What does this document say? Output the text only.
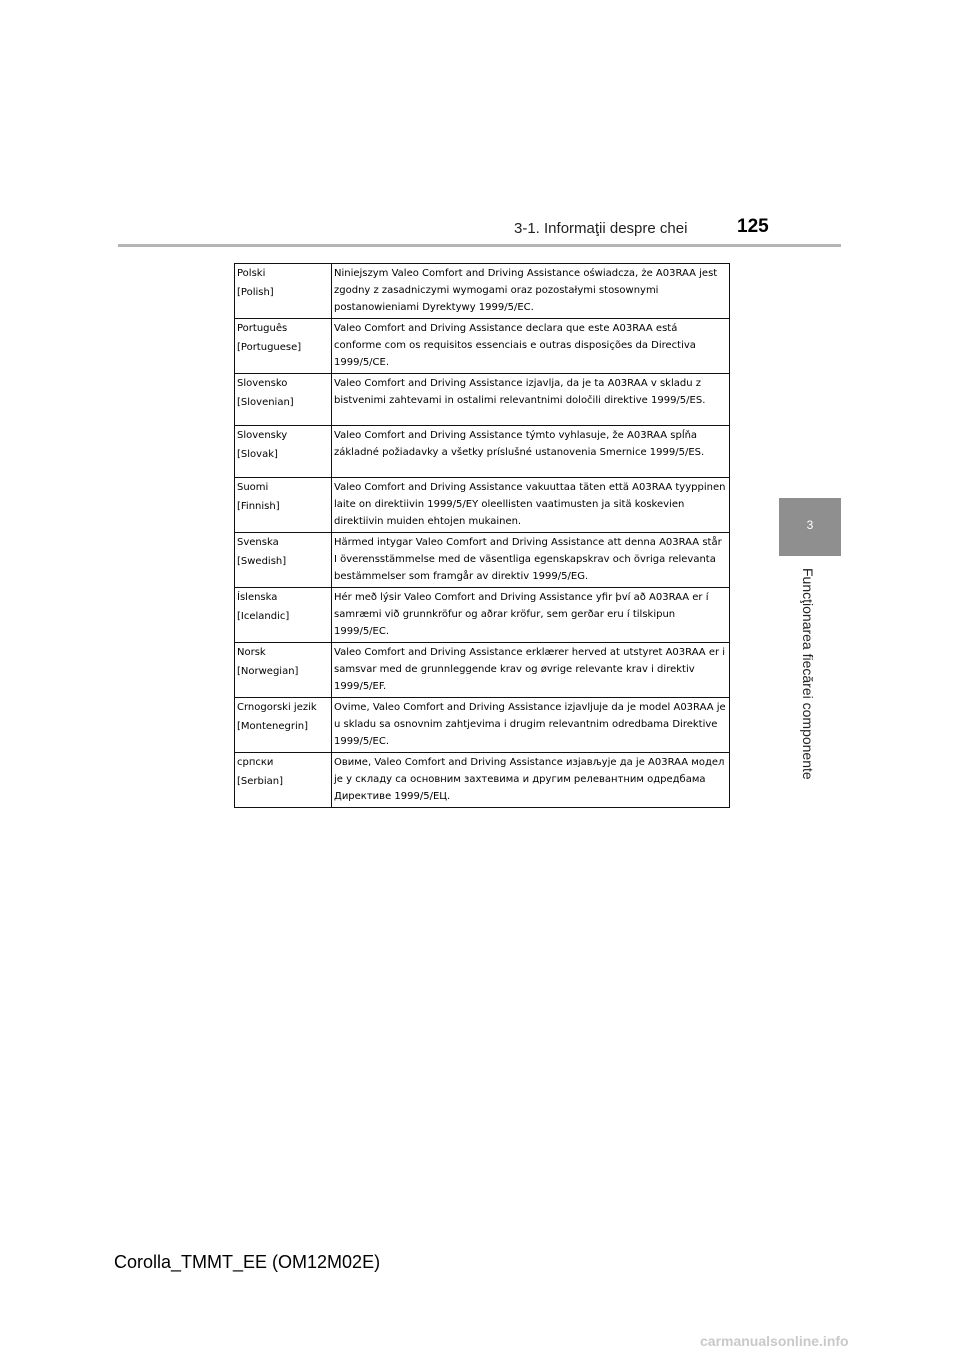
3-1. Informaţii despre chei	125
3
Funcţionarea fiecărei componente
Polski
[Polish]	Niniejszym Valeo Comfort and Driving Assistance oświadcza, że A03RAA jest zgodny z zasadniczymi wymogami oraz pozostałymi stosownymi postanowieniami Dyrektywy 1999/5/EC.

Português
[Portuguese]	Valeo Comfort and Driving Assistance declara que este A03RAA está conforme com os requisitos essenciais e outras disposições da Directiva 1999/5/CE.

Slovensko
[Slovenian]	Valeo Comfort and Driving Assistance izjavlja, da je ta A03RAA v skladu z bistvenimi zahtevami in ostalimi relevantnimi določili direktive 1999/5/ES.

Slovensky
[Slovak]	Valeo Comfort and Driving Assistance týmto vyhlasuje, že A03RAA spĺňa základné požiadavky a všetky príslušné ustanovenia Smernice 1999/5/ES.

Suomi
[Finnish]	Valeo Comfort and Driving Assistance vakuuttaa täten että A03RAA tyyppinen laite on direktiivin 1999/5/EY oleellisten vaatimusten ja sitä koskevien direktiivin muiden ehtojen mukainen.

Svenska
[Swedish]	Härmed intygar Valeo Comfort and Driving Assistance att denna A03RAA står I överensstämmelse med de väsentliga egenskapskrav och övriga relevanta bestämmelser som framgår av direktiv 1999/5/EG.

Íslenska
[Icelandic]	Hér með lýsir Valeo Comfort and Driving Assistance yfir því að A03RAA er í samræmi við grunnkröfur og aðrar kröfur, sem gerðar eru í tilskipun 1999/5/EC.

Norsk
[Norwegian]	Valeo Comfort and Driving Assistance erklærer herved at utstyret A03RAA er i samsvar med de grunnleggende krav og øvrige relevante krav i direktiv 1999/5/EF.

Crnogorski jezik
[Montenegrin]	Ovime, Valeo Comfort and Driving Assistance izjavljuje da je model A03RAA je u skladu sa osnovnim zahtjevima i drugim relevantnim odredbama Direktive 1999/5/EC.

српски
[Serbian]	Овиме, Valeo Comfort and Driving Assistance изјављује да је A03RAA модел је у складу са основним захтевима и другим релевантним одредбама Директиве 1999/5/ЕЦ.
Corolla_TMMT_EE (OM12M02E)
carmanualsonline.info
